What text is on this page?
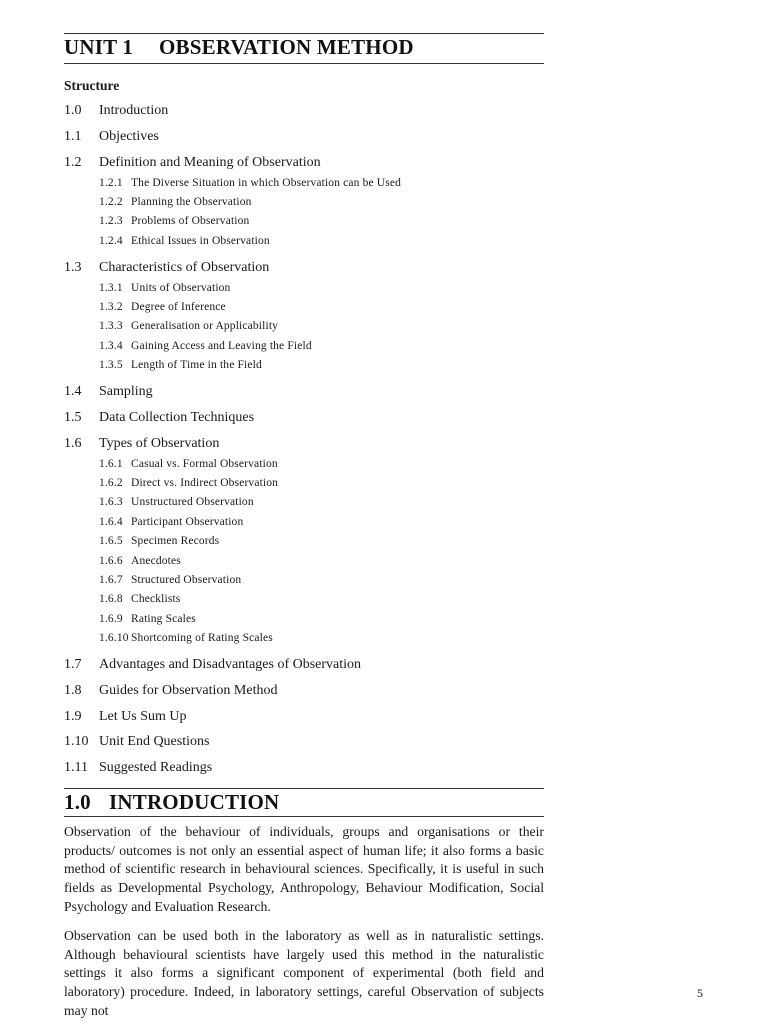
UNIT 1 OBSERVATION METHOD
Structure
1.0 Introduction
1.1 Objectives
1.2 Definition and Meaning of Observation
1.2.1 The Diverse Situation in which Observation can be Used
1.2.2 Planning the Observation
1.2.3 Problems of Observation
1.2.4 Ethical Issues in Observation
1.3 Characteristics of Observation
1.3.1 Units of Observation
1.3.2 Degree of Inference
1.3.3 Generalisation or Applicability
1.3.4 Gaining Access and Leaving the Field
1.3.5 Length of Time in the Field
1.4 Sampling
1.5 Data Collection Techniques
1.6 Types of Observation
1.6.1 Casual vs. Formal Observation
1.6.2 Direct vs. Indirect Observation
1.6.3 Unstructured Observation
1.6.4 Participant Observation
1.6.5 Specimen Records
1.6.6 Anecdotes
1.6.7 Structured Observation
1.6.8 Checklists
1.6.9 Rating Scales
1.6.10 Shortcoming of Rating Scales
1.7 Advantages and Disadvantages of Observation
1.8 Guides for Observation Method
1.9 Let Us Sum Up
1.10 Unit End Questions
1.11 Suggested Readings
1.0 INTRODUCTION

Observation of the behaviour of individuals, groups and organisations or their products/ outcomes is not only an essential aspect of human life; it also forms a basic method of scientific research in behavioural sciences. Specifically, it is useful in such fields as Developmental Psychology, Anthropology, Behaviour Modification, Social Psychology and Evaluation Research.

Observation can be used both in the laboratory as well as in naturalistic settings. Although behavioural scientists have largely used this method in the naturalistic settings it also forms a significant component of experimental (both field and laboratory) procedure. Indeed, in laboratory settings, careful Observation of subjects may not

5
